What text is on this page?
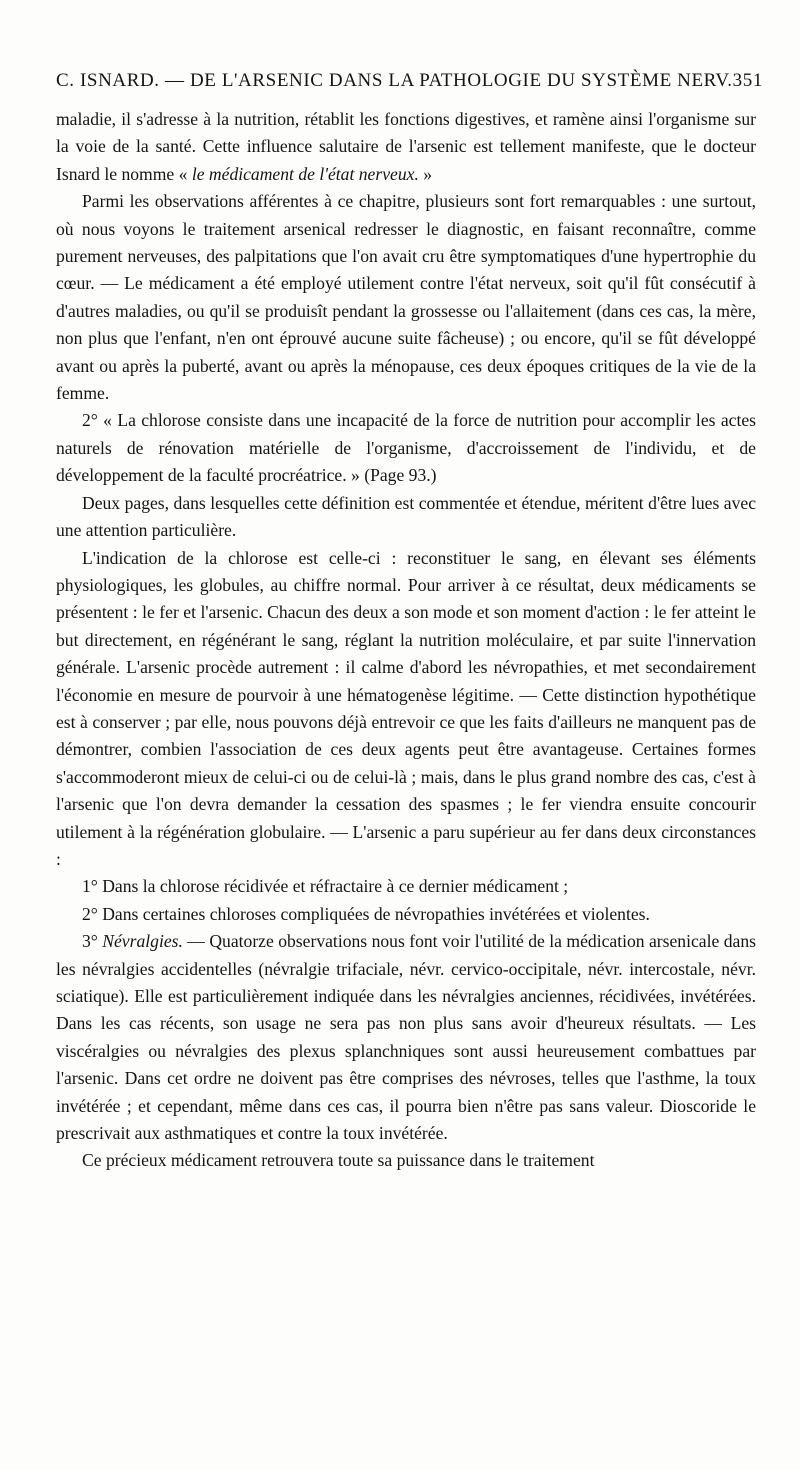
C. ISNARD. — DE L'ARSENIC DANS LA PATHOLOGIE DU SYSTÈME NERV. 351

maladie, il s'adresse à la nutrition, rétablit les fonctions digestives, et ramène ainsi l'organisme sur la voie de la santé. Cette influence salutaire de l'arsenic est tellement manifeste, que le docteur Isnard le nomme « le médicament de l'état nerveux. »

Parmi les observations afférentes à ce chapitre, plusieurs sont fort remarquables : une surtout, où nous voyons le traitement arsenical redresser le diagnostic, en faisant reconnaître, comme purement nerveuses, des palpitations que l'on avait cru être symptomatiques d'une hypertrophie du cœur. — Le médicament a été employé utilement contre l'état nerveux, soit qu'il fût consécutif à d'autres maladies, ou qu'il se produisît pendant la grossesse ou l'allaitement (dans ces cas, la mère, non plus que l'enfant, n'en ont éprouvé aucune suite fâcheuse) ; ou encore, qu'il se fût développé avant ou après la puberté, avant ou après la ménopause, ces deux époques critiques de la vie de la femme.

2° « La chlorose consiste dans une incapacité de la force de nutrition pour accomplir les actes naturels de rénovation matérielle de l'organisme, d'accroissement de l'individu, et de développement de la faculté procréatrice. » (Page 93.)

Deux pages, dans lesquelles cette définition est commentée et étendue, méritent d'être lues avec une attention particulière.

L'indication de la chlorose est celle-ci : reconstituer le sang, en élevant ses éléments physiologiques, les globules, au chiffre normal. Pour arriver à ce résultat, deux médicaments se présentent : le fer et l'arsenic. Chacun des deux a son mode et son moment d'action : le fer atteint le but directement, en régénérant le sang, réglant la nutrition moléculaire, et par suite l'innervation générale. L'arsenic procède autrement : il calme d'abord les névropathies, et met secondairement l'économie en mesure de pourvoir à une hématogenèse légitime. — Cette distinction hypothétique est à conserver ; par elle, nous pouvons déjà entrevoir ce que les faits d'ailleurs ne manquent pas de démontrer, combien l'association de ces deux agents peut être avantageuse. Certaines formes s'accommoderont mieux de celui-ci ou de celui-là ; mais, dans le plus grand nombre des cas, c'est à l'arsenic que l'on devra demander la cessation des spasmes ; le fer viendra ensuite concourir utilement à la régénération globulaire. — L'arsenic a paru supérieur au fer dans deux circonstances :

1° Dans la chlorose récidivée et réfractaire à ce dernier médicament ;

2° Dans certaines chloroses compliquées de névropathies invétérées et violentes.

3° Névralgies. — Quatorze observations nous font voir l'utilité de la médication arsenicale dans les névralgies accidentelles (névralgie trifaciale, névr. cervico-occipitale, névr. intercostale, névr. sciatique). Elle est particulièrement indiquée dans les névralgies anciennes, récidivées, invétérées. Dans les cas récents, son usage ne sera pas non plus sans avoir d'heureux résultats. — Les viscéralgies ou névralgies des plexus splanchniques sont aussi heureusement combattues par l'arsenic. Dans cet ordre ne doivent pas être comprises des névroses, telles que l'asthme, la toux invétérée ; et cependant, même dans ces cas, il pourra bien n'être pas sans valeur. Dioscoride le prescrivait aux asthmatiques et contre la toux invétérée.

Ce précieux médicament retrouvera toute sa puissance dans le traitement
